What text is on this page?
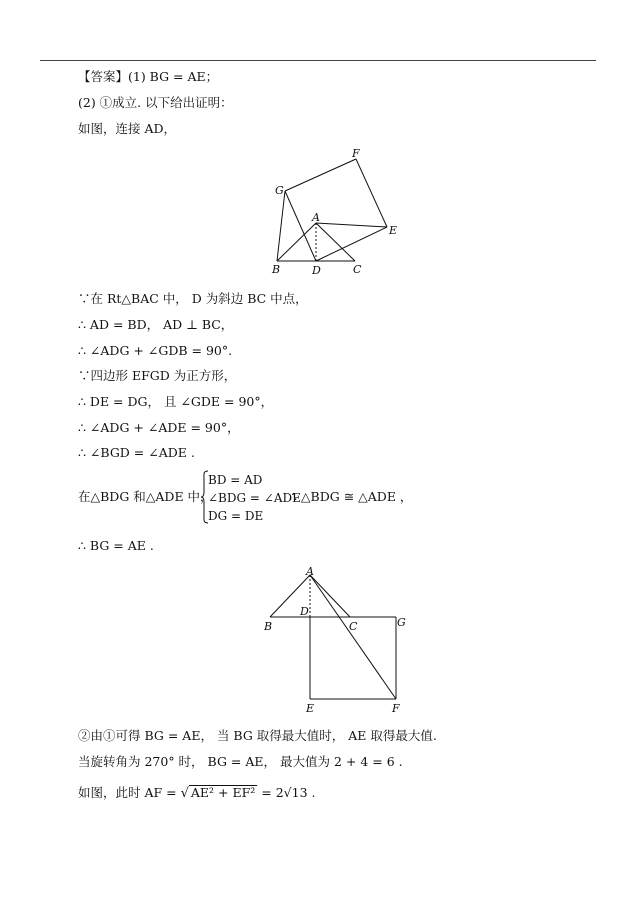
【答案】(1) BG = AE；
(2) ①成立. 以下给出证明：
如图，连接 AD，
F
G
A
E
B	D	C
∵在 Rt△BAC 中， D 为斜边 BC 中点，
∴ AD = BD， AD ⊥ BC，
∴ ∠ADG + ∠GDB = 90°.
∵四边形 EFGD 为正方形，
∴ DE = DG， 且 ∠GDE = 90°，
∴ ∠ADG + ∠ADE = 90°，
∴ ∠BGD = ∠ADE .
在△BDG 和△ADE 中，
BD = AD
∠BDG = ∠ADE
DG = DE
∴ △BDG ≅ △ADE ，
∴ BG = AE .
A
D
C
B	G
E	F
②由①可得 BG = AE， 当 BG 取得最大值时， AE 取得最大值.
当旋转角为 270° 时， BG = AE， 最大值为 2 + 4 = 6 .
如图，此时 AF = √ AE² + EF² = 2√13 .
